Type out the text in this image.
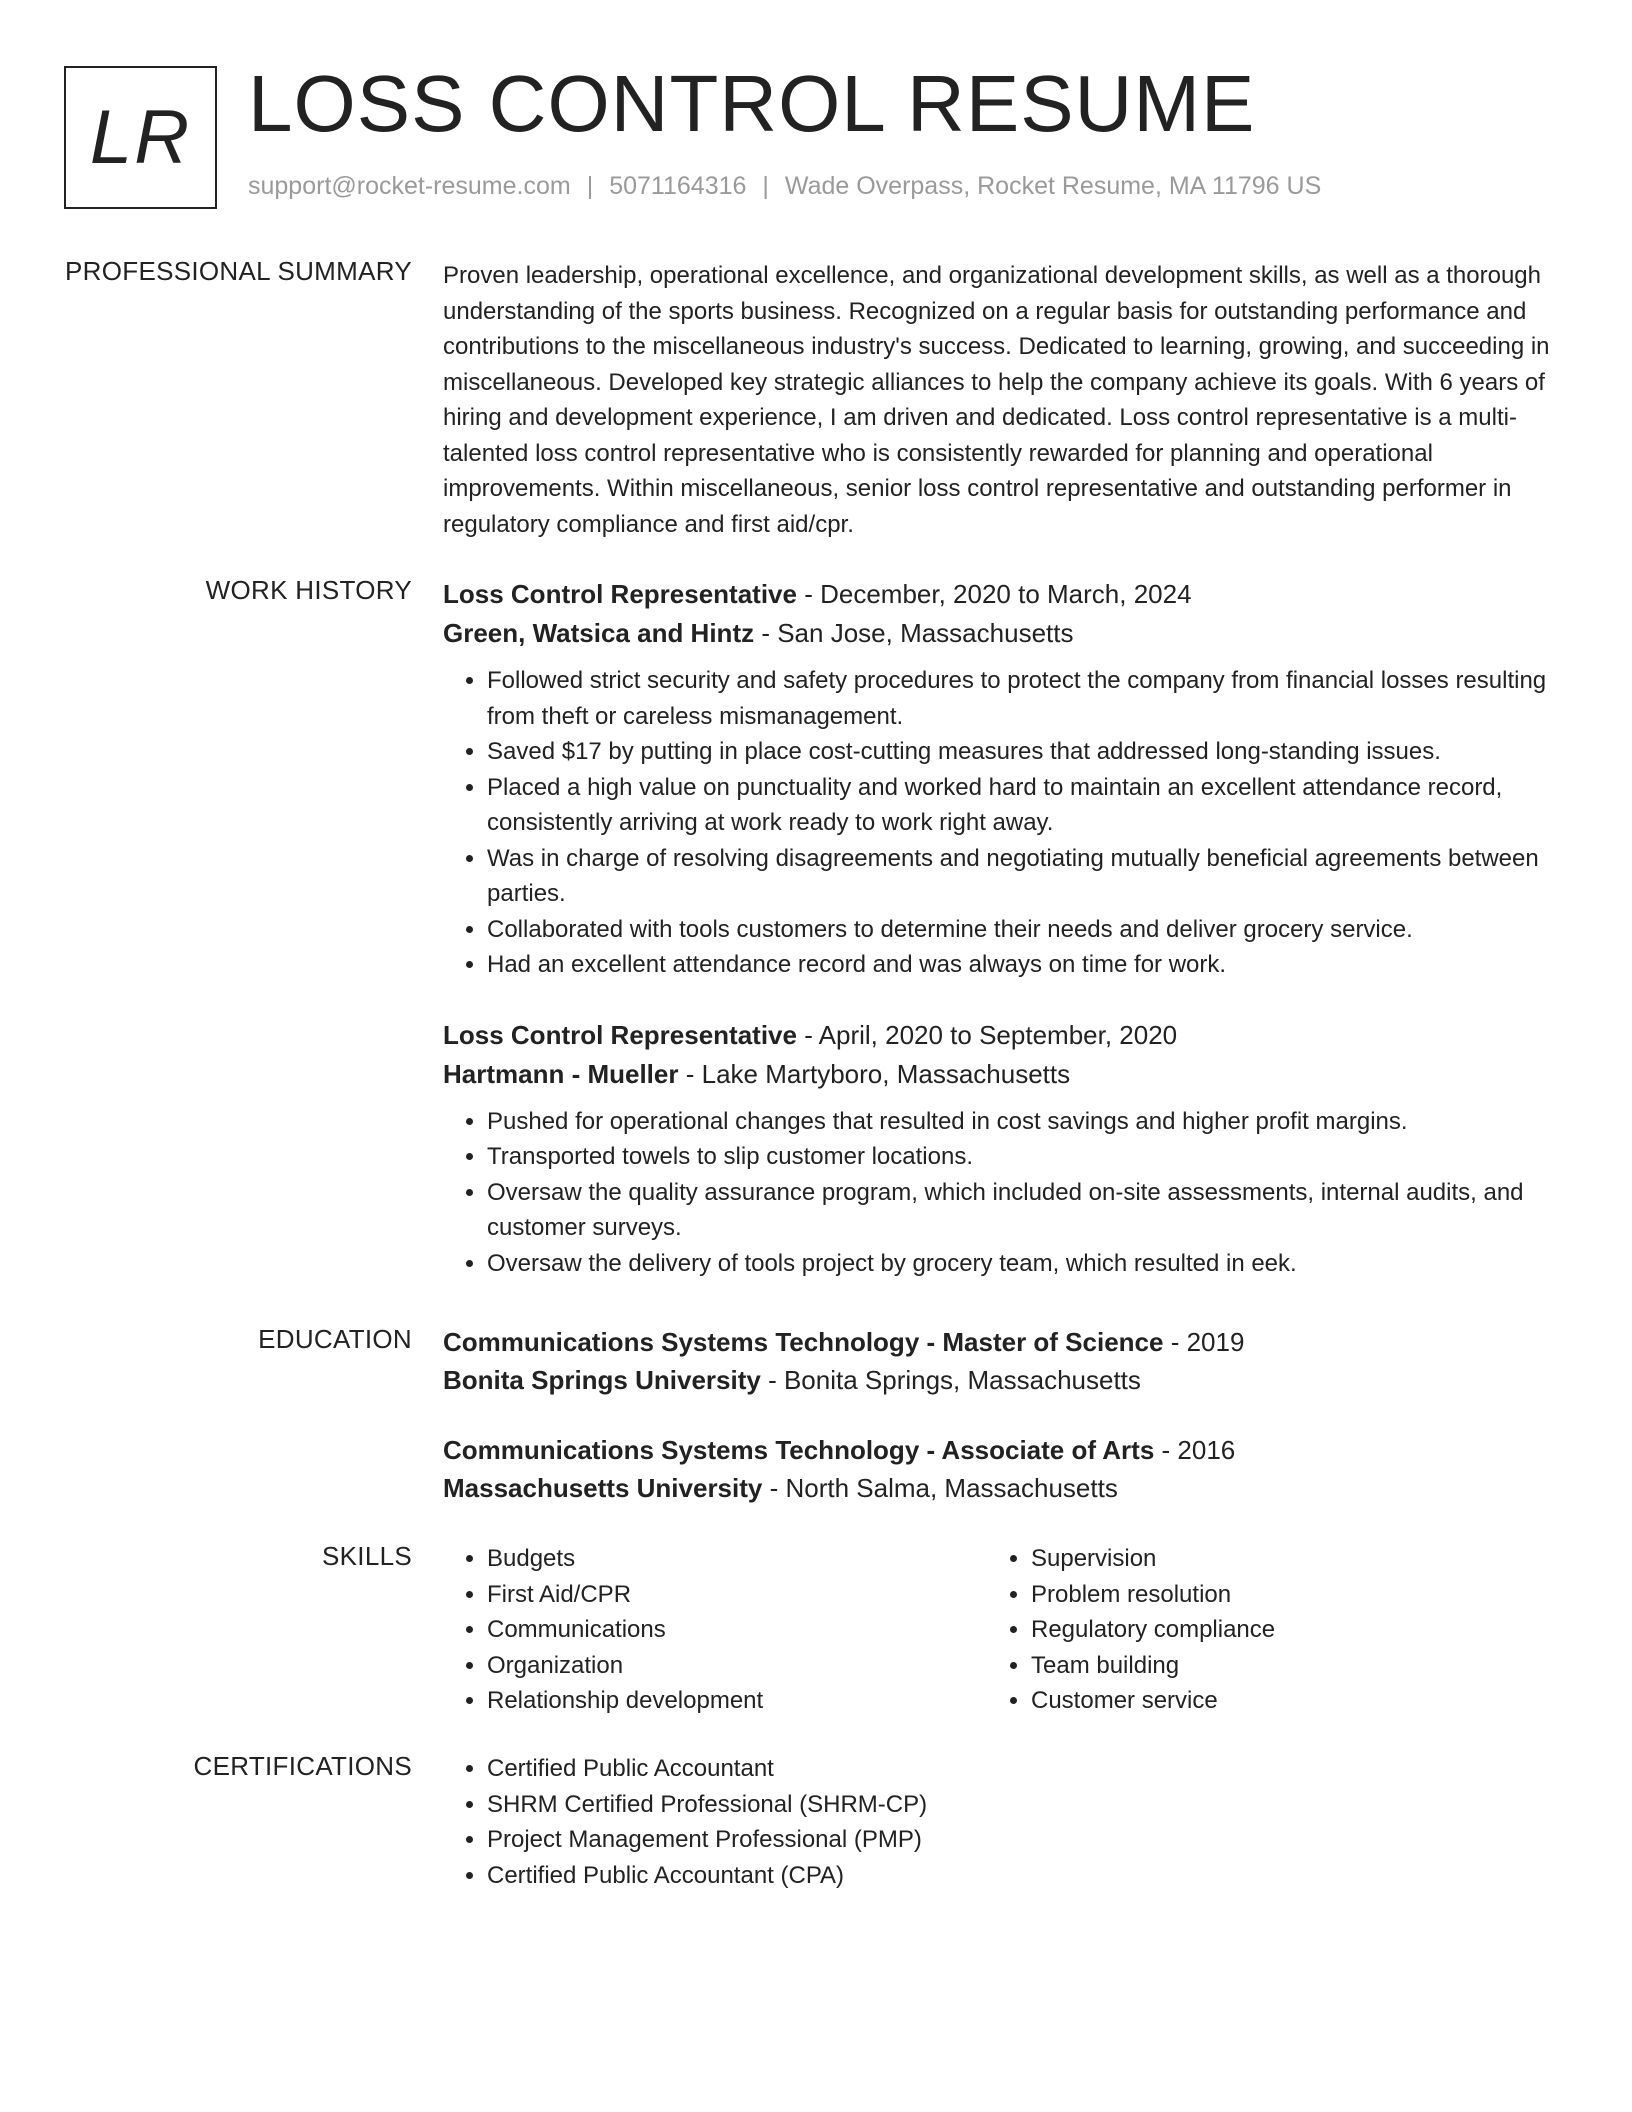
LR LOSS CONTROL RESUME
support@rocket-resume.com | 5071164316 | Wade Overpass, Rocket Resume, MA 11796 US
PROFESSIONAL SUMMARY Proven leadership, operational excellence, and organizational development skills, as well as a thorough understanding of the sports business. Recognized on a regular basis for outstanding performance and contributions to the miscellaneous industry's success. Dedicated to learning, growing, and succeeding in miscellaneous. Developed key strategic alliances to help the company achieve its goals. With 6 years of hiring and development experience, I am driven and dedicated. Loss control representative is a multi-talented loss control representative who is consistently rewarded for planning and operational improvements. Within miscellaneous, senior loss control representative and outstanding performer in regulatory compliance and first aid/cpr.

WORK HISTORY Loss Control Representative - December, 2020 to March, 2024

Green, Watsica and Hintz - San Jose, Massachusetts

• Followed strict security and safety procedures to protect the company from financial losses resulting from theft or careless mismanagement.
• Saved $17 by putting in place cost-cutting measures that addressed long-standing issues.
• Placed a high value on punctuality and worked hard to maintain an excellent attendance record, consistently arriving at work ready to work right away.
• Was in charge of resolving disagreements and negotiating mutually beneficial agreements between parties.
• Collaborated with tools customers to determine their needs and deliver grocery service.
• Had an excellent attendance record and was always on time for work.

Loss Control Representative - April, 2020 to September, 2020

Hartmann - Mueller - Lake Martyboro, Massachusetts

• Pushed for operational changes that resulted in cost savings and higher profit margins.
• Transported towels to slip customer locations.
• Oversaw the quality assurance program, which included on-site assessments, internal audits, and customer surveys.
• Oversaw the delivery of tools project by grocery team, which resulted in eek.
EDUCATION Communications Systems Technology - Master of Science - 2019

Bonita Springs University - Bonita Springs, Massachusetts

Communications Systems Technology - Associate of Arts - 2016

Massachusetts University - North Salma, Massachusetts

SKILLS	• Budgets
• First Aid/CPR
• Communications
• Organization
• Relationship development
• Supervision
• Problem resolution
• Regulatory compliance
• Team building
• Customer service
CERTIFICATIONS	• Certified Public Accountant
• SHRM Certified Professional (SHRM-CP)
• Project Management Professional (PMP)
• Certified Public Accountant (CPA)
